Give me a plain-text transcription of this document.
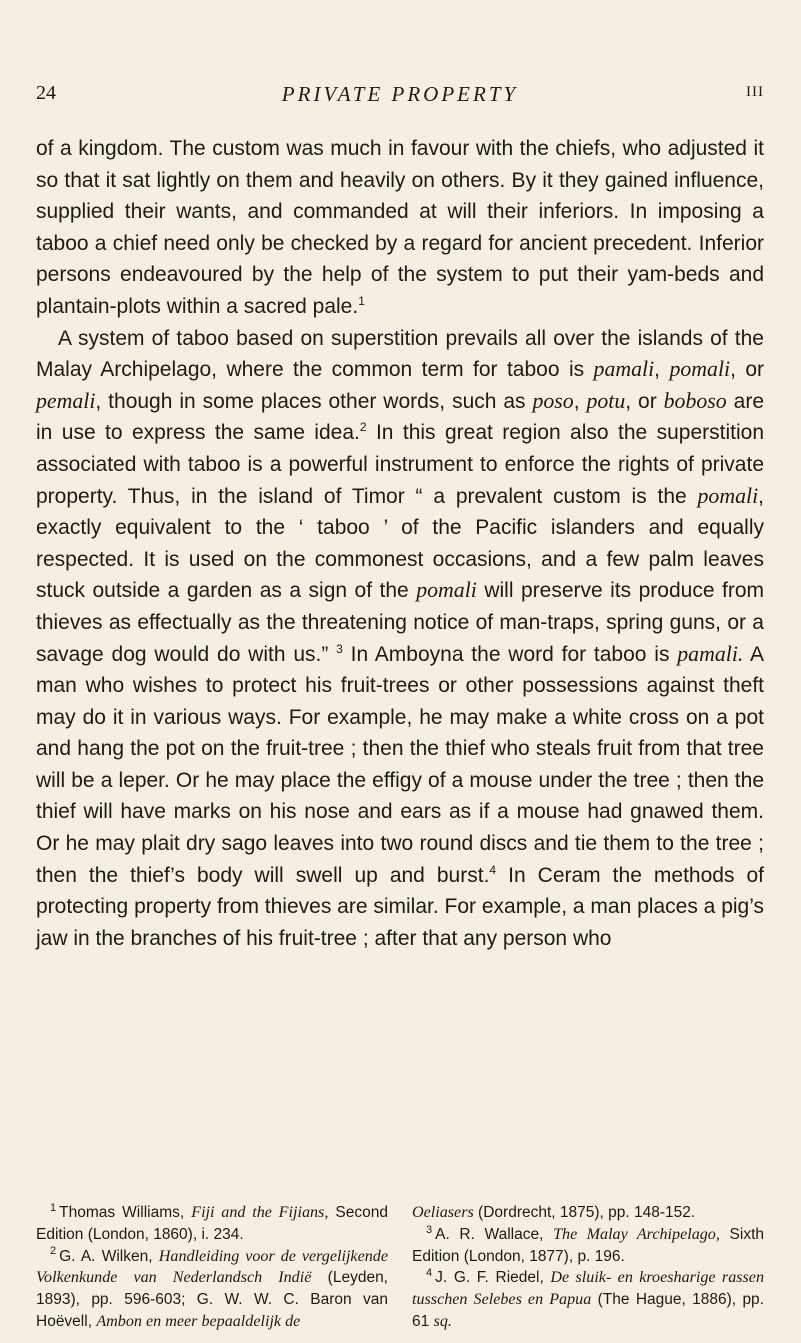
24	PRIVATE PROPERTY	III

of a kingdom. The custom was much in favour with the chiefs, who adjusted it so that it sat lightly on them and heavily on others. By it they gained influence, supplied their wants, and commanded at will their inferiors. In imposing a taboo a chief need only be checked by a regard for ancient precedent. Inferior persons endeavoured by the help of the system to put their yam-beds and plantain-plots within a sacred pale.$^1$

A system of taboo based on superstition prevails all over the islands of the Malay Archipelago, where the common term for taboo is pamali, pomali, or pemali, though in some places other words, such as poso, potu, or boboso are in use to express the same idea.$^2$ In this great region also the superstition associated with taboo is a powerful instrument to enforce the rights of private property. Thus, in the island of Timor “ a prevalent custom is the pomali, exactly equivalent to the ‘ taboo ’ of the Pacific islanders and equally respected. It is used on the commonest occasions, and a few palm leaves stuck outside a garden as a sign of the pomali will preserve its produce from thieves as effectually as the threatening notice of man-traps, spring guns, or a savage dog would do with us.” $^3$ In Amboyna the word for taboo is pamali. A man who wishes to protect his fruit-trees or other possessions against theft may do it in various ways. For example, he may make a white cross on a pot and hang the pot on the fruit-tree ; then the thief who steals fruit from that tree will be a leper. Or he may place the effigy of a mouse under the tree ; then the thief will have marks on his nose and ears as if a mouse had gnawed them. Or he may plait dry sago leaves into two round discs and tie them to the tree ; then the thief’s body will swell up and burst.$^4$ In Ceram the methods of protecting property from thieves are similar. For example, a man places a pig’s jaw in the branches of his fruit-tree ; after that any person who

$^1$ Thomas Williams, Fiji and the Fijians, Second Edition (London, 1860), i. 234.

$^2$ G. A. Wilken, Handleiding voor de vergelijkende Volkenkunde van Nederlandsch Indië (Leyden, 1893), pp. 596-603; G. W. W. C. Baron van Hoëvell, Ambon en meer bepaaldelijk de

Oeliasers (Dordrecht, 1875), pp. 148-152.

$^3$ A. R. Wallace, The Malay Archipelago, Sixth Edition (London, 1877), p. 196.

$^4$ J. G. F. Riedel, De sluik- en kroesharige rassen tusschen Selebes en Papua (The Hague, 1886), pp. 61 sq.
